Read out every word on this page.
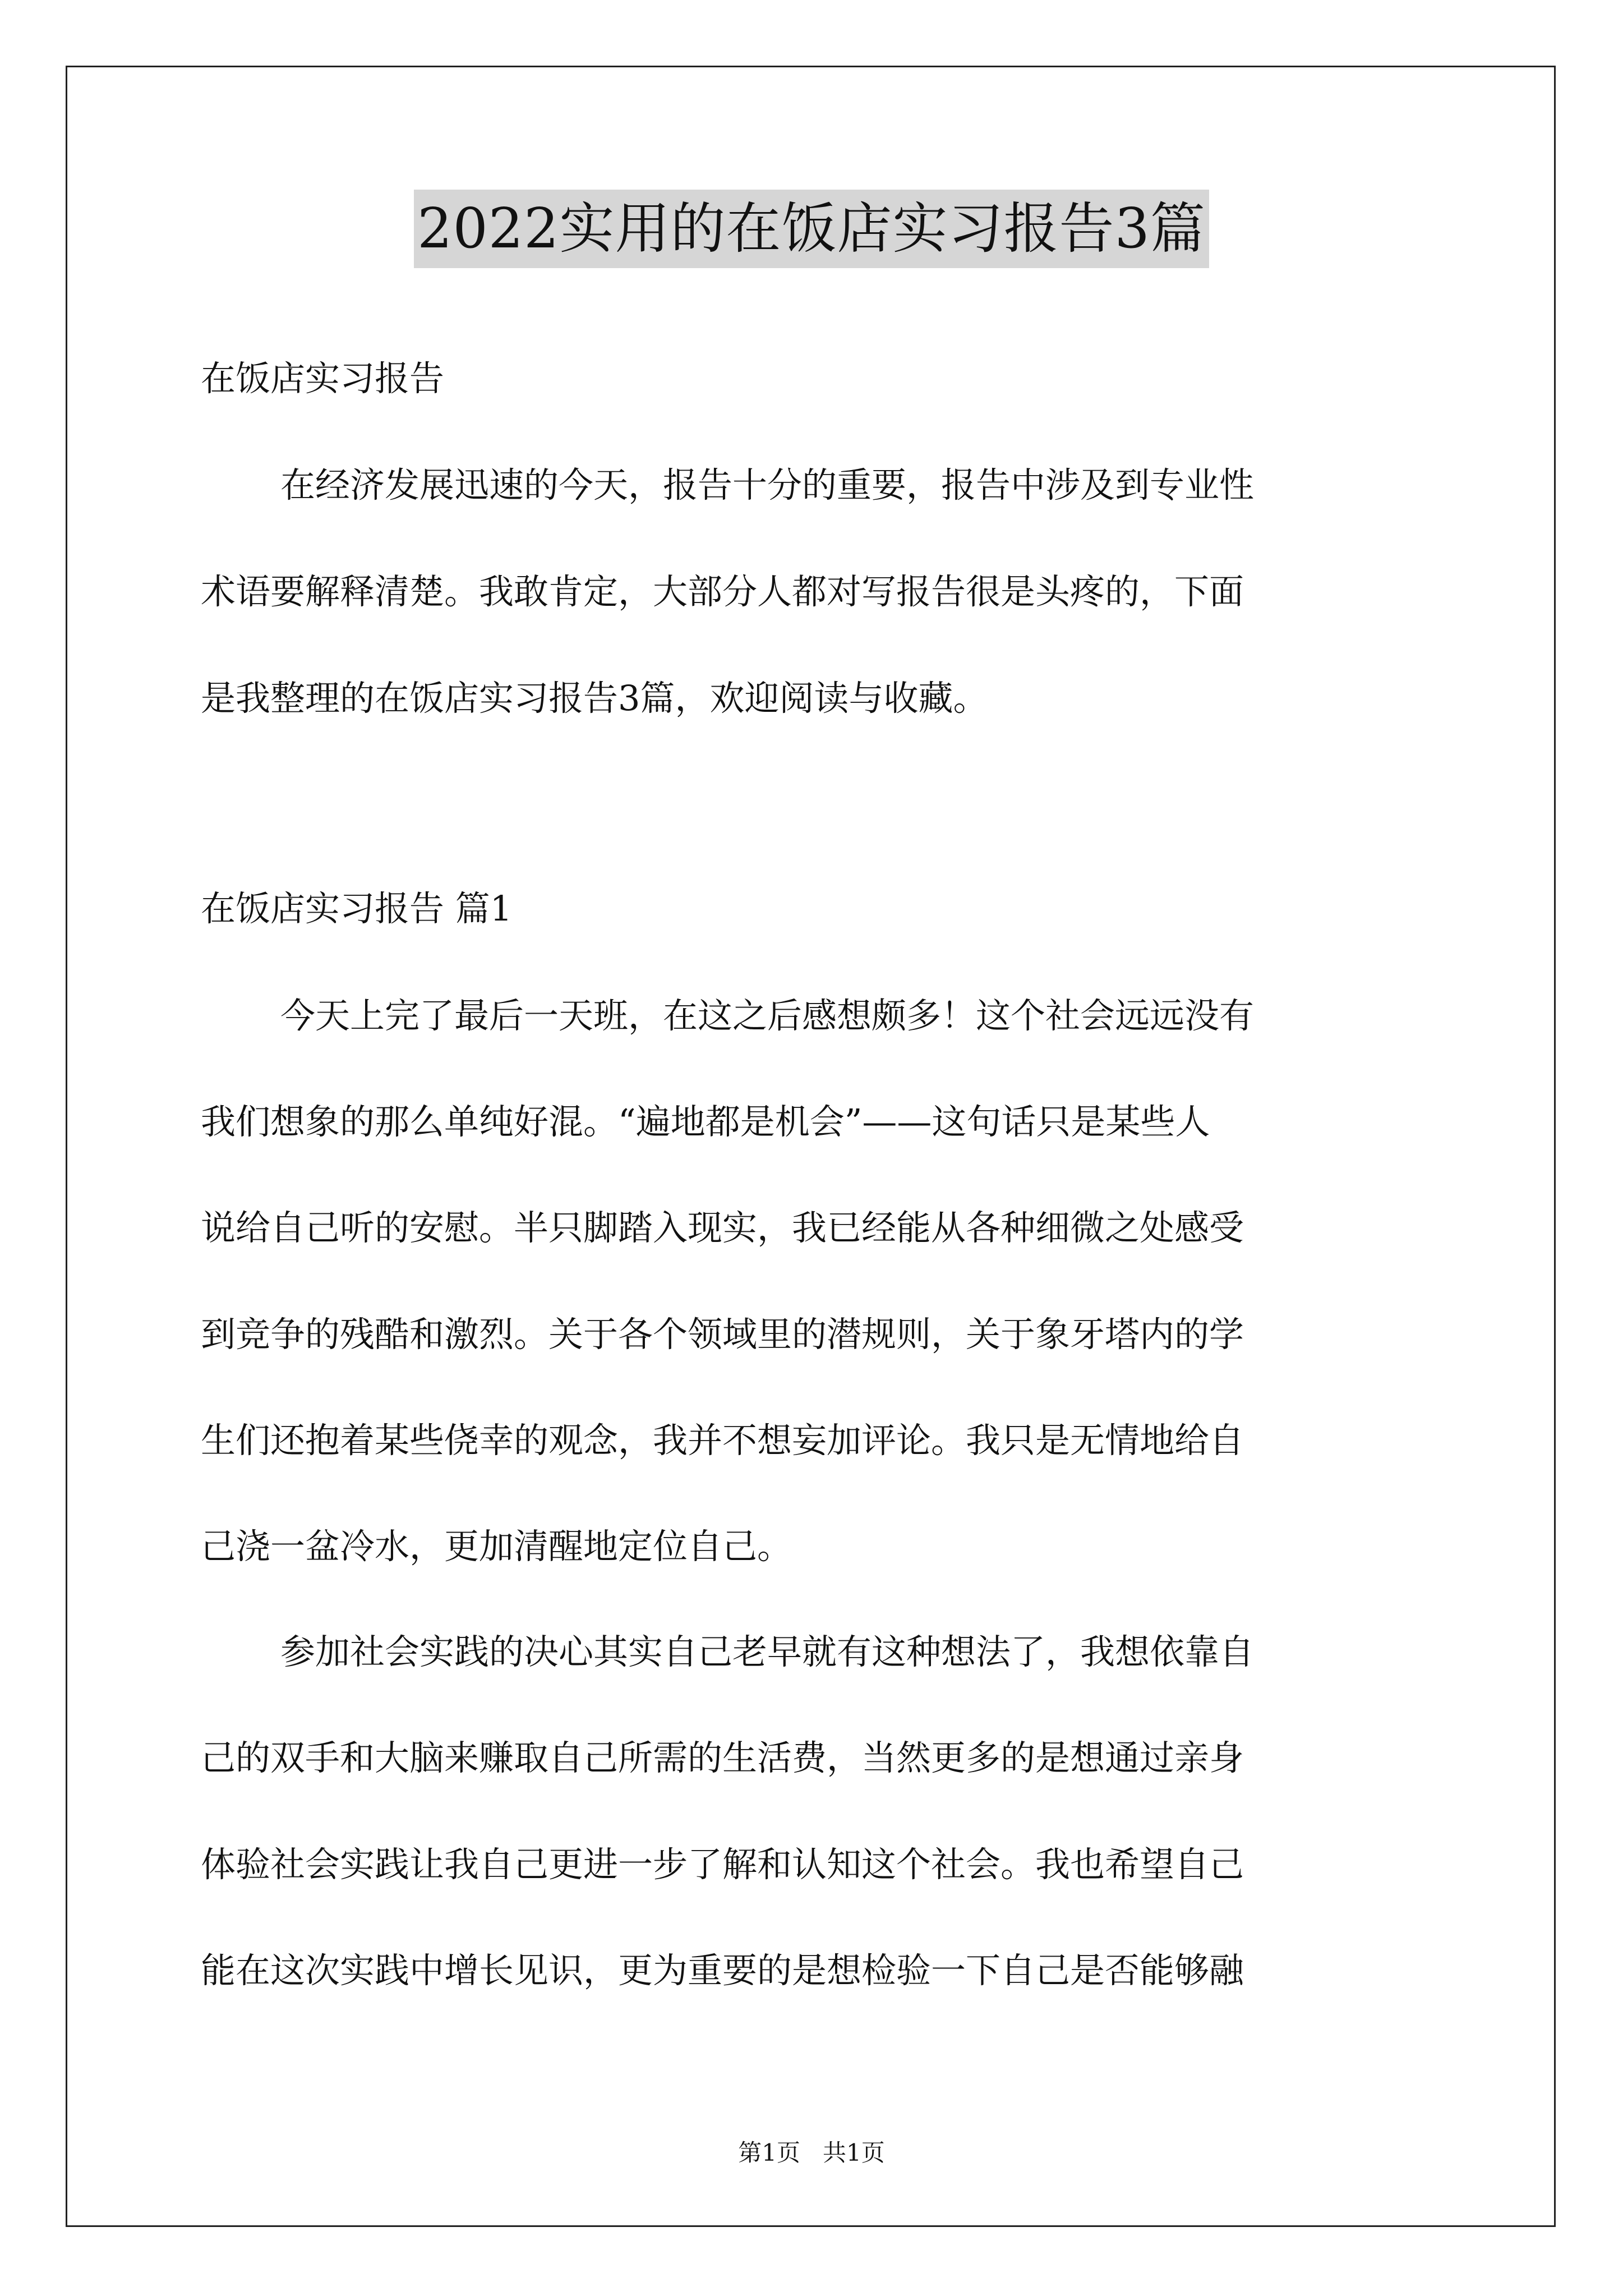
2022实用的在饭店实习报告3篇
在饭店实习报告
在经济发展迅速的今天，报告十分的重要，报告中涉及到专业性
术语要解释清楚。我敢肯定，大部分人都对写报告很是头疼的，下面
是我整理的在饭店实习报告3篇，欢迎阅读与收藏。
在饭店实习报告 篇1
今天上完了最后一天班，在这之后感想颇多！这个社会远远没有
我们想象的那么单纯好混。“遍地都是机会”——这句话只是某些人
说给自己听的安慰。半只脚踏入现实，我已经能从各种细微之处感受
到竞争的残酷和激烈。关于各个领域里的潜规则，关于象牙塔内的学
生们还抱着某些侥幸的观念，我并不想妄加评论。我只是无情地给自
己浇一盆冷水，更加清醒地定位自己。
参加社会实践的决心其实自己老早就有这种想法了，我想依靠自
己的双手和大脑来赚取自己所需的生活费，当然更多的是想通过亲身
体验社会实践让我自己更进一步了解和认知这个社会。我也希望自己
能在这次实践中增长见识，更为重要的是想检验一下自己是否能够融
第1页   共1页
